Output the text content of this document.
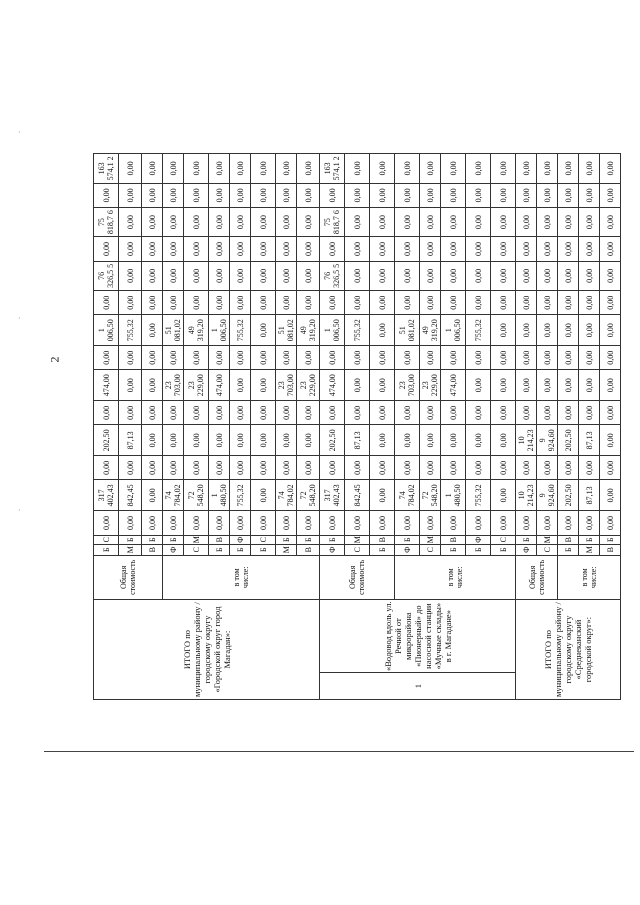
2
·
·
·
ИТОГО по муниципальному району / городскому округу «Городской округ город Магадан»:		Общая стоимость	Б	С	0,00	317 402,43	0,00	202,50	0,00	474,00	0,00	1 006,50	0,00	76 326,5 5	0,00	75 818,7 6	0,00	163 574,1 2
			М	Б	0,00	842,45	0,00	87,13	0,00	0,00	0,00	755,32	0,00	0,00	0,00	0,00	0,00	0,00
			В	Б	0,00	0,00	0,00	0,00	0,00	0,00	0,00	0,00	0,00	0,00	0,00	0,00	0,00	0,00
		в том числе:	Ф	Б	0,00	74 784,02	0,00	0,00	0,00	23 703,00	0,00	51 081,02	0,00	0,00	0,00	0,00	0,00	0,00
			С	М	0,00	72 548,20	0,00	0,00	0,00	23 229,00	0,00	49 319,20	0,00	0,00	0,00	0,00	0,00	0,00
			Б	В	0,00	1 480,50	0,00	0,00	0,00	474,00	0,00	1 006,50	0,00	0,00	0,00	0,00	0,00	0,00
			Б	Ф	0,00	755,32	0,00	0,00	0,00	0,00	0,00	755,32	0,00	0,00	0,00	0,00	0,00	0,00
			Б	С	0,00	0,00	0,00	0,00	0,00	0,00	0,00	0,00	0,00	0,00	0,00	0,00	0,00	0,00
			М	Б	0,00	74 784,02	0,00	0,00	0,00	23 703,00	0,00	51 081,02	0,00	0,00	0,00	0,00	0,00	0,00
			В	Б	0,00	72 548,20	0,00	0,00	0,00	23 229,00	0,00	49 319,20	0,00	0,00	0,00	0,00	0,00	0,00
1	«Водовод вдоль ул. Речной от микрорайона «Пионерный» до насосной станции «Мучные склады» в г. Магадане»	Общая стоимость	Ф	Б	0,00	317 402,43	0,00	202,50	0,00	474,00	0,00	1 006,50	0,00	76 326,5 5	0,00	75 818,7 6	0,00	163 574,1 2
			С	М	0,00	842,45	0,00	87,13	0,00	0,00	0,00	755,32	0,00	0,00	0,00	0,00	0,00	0,00
			Б	В	0,00	0,00	0,00	0,00	0,00	0,00	0,00	0,00	0,00	0,00	0,00	0,00	0,00	0,00
		в том числе:	Ф	Б	0,00	74 784,02	0,00	0,00	0,00	23 703,00	0,00	51 081,02	0,00	0,00	0,00	0,00	0,00	0,00
			С	М	0,00	72 548,20	0,00	0,00	0,00	23 229,00	0,00	49 319,20	0,00	0,00	0,00	0,00	0,00	0,00
			Б	В	0,00	1 480,50	0,00	0,00	0,00	474,00	0,00	1 006,50	0,00	0,00	0,00	0,00	0,00	0,00
			Б	Ф	0,00	755,32	0,00	0,00	0,00	0,00	0,00	755,32	0,00	0,00	0,00	0,00	0,00	0,00
			Б	С	0,00	0,00	0,00	0,00	0,00	0,00	0,00	0,00	0,00	0,00	0,00	0,00	0,00	0,00
ИТОГО по муниципальному району / городскому округу «Среднеканский городской округ»:		Общая стоимость	Ф	Б	0,00	10 214,23	0,00	10 214,23	0,00	0,00	0,00	0,00	0,00	0,00	0,00	0,00	0,00	0,00
			С	М	0,00	9 924,60	0,00	9 924,60	0,00	0,00	0,00	0,00	0,00	0,00	0,00	0,00	0,00	0,00
		в том числе:	Б	В	0,00	202,50	0,00	202,50	0,00	0,00	0,00	0,00	0,00	0,00	0,00	0,00	0,00	0,00
			М	Б	0,00	87,13	0,00	87,13	0,00	0,00	0,00	0,00	0,00	0,00	0,00	0,00	0,00	0,00
			В	Б	0,00	0,00	0,00	0,00	0,00	0,00	0,00	0,00	0,00	0,00	0,00	0,00	0,00	0,00
